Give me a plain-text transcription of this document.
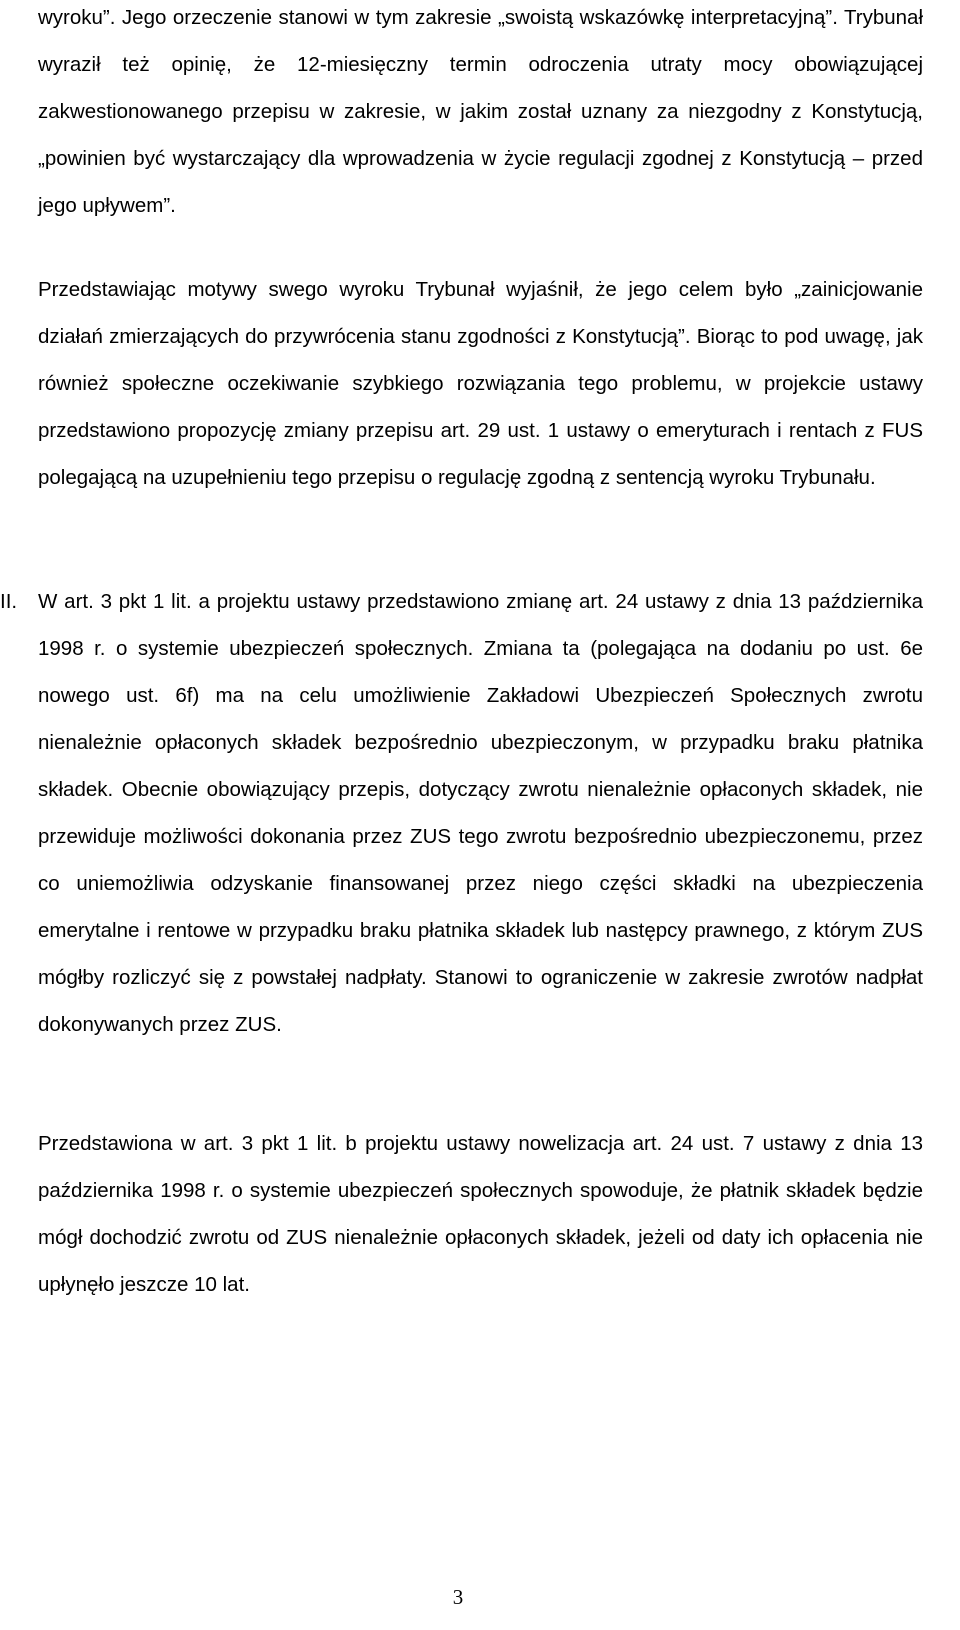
wyroku”. Jego orzeczenie stanowi w tym zakresie „swoistą wskazówkę interpretacyjną”. Trybunał wyraził też opinię, że 12-miesięczny termin odroczenia utraty mocy obowiązującej zakwestionowanego przepisu w zakresie, w jakim został uznany za niezgodny z Konstytucją, „powinien być wystarczający dla wprowadzenia w życie regulacji zgodnej z Konstytucją – przed jego upływem”.

Przedstawiając motywy swego wyroku Trybunał wyjaśnił, że jego celem było „zainicjowanie działań zmierzających do przywrócenia stanu zgodności z Konstytucją”. Biorąc to pod uwagę, jak również społeczne oczekiwanie szybkiego rozwiązania tego problemu, w projekcie ustawy przedstawiono propozycję zmiany przepisu art. 29 ust. 1 ustawy o emeryturach i rentach z FUS polegającą na uzupełnieniu tego przepisu o regulację zgodną z sentencją wyroku Trybunału.

II. W art. 3 pkt 1 lit. a projektu ustawy przedstawiono zmianę art. 24 ustawy z dnia 13 października 1998 r. o systemie ubezpieczeń społecznych. Zmiana ta (polegająca na dodaniu po ust. 6e nowego ust. 6f) ma na celu umożliwienie Zakładowi Ubezpieczeń Społecznych zwrotu nienależnie opłaconych składek bezpośrednio ubezpieczonym, w przypadku braku płatnika składek. Obecnie obowiązujący przepis, dotyczący zwrotu nienależnie opłaconych składek, nie przewiduje możliwości dokonania przez ZUS tego zwrotu bezpośrednio ubezpieczonemu, przez co uniemożliwia odzyskanie finansowanej przez niego części składki na ubezpieczenia emerytalne i rentowe w przypadku braku płatnika składek lub następcy prawnego, z którym ZUS mógłby rozliczyć się z powstałej nadpłaty. Stanowi to ograniczenie w zakresie zwrotów nadpłat dokonywanych przez ZUS.

Przedstawiona w art. 3 pkt 1 lit. b projektu ustawy nowelizacja art. 24 ust. 7 ustawy z dnia 13 października 1998 r. o systemie ubezpieczeń społecznych spowoduje, że płatnik składek będzie mógł dochodzić zwrotu od ZUS nienależnie opłaconych składek, jeżeli od daty ich opłacenia nie upłynęło jeszcze 10 lat.

3
